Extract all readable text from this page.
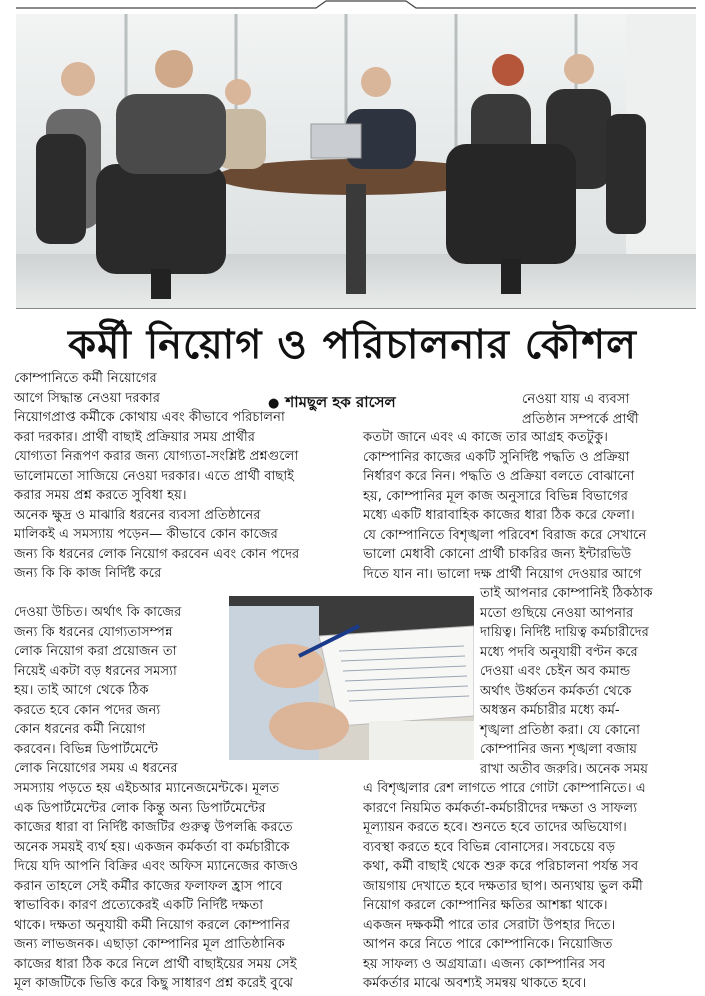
কর্মী নিয়োগ ও পরিচালনার কৌশল
● শামছুল হক রাসেল

কোম্পানিতে কর্মী নিয়োগের

আগে সিদ্ধান্ত নেওয়া দরকার

নিয়োগপ্রাপ্ত কর্মীকে কোথায় এবং কীভাবে পরিচালনা

করা দরকার। প্রার্থী বাছাই প্রক্রিয়ার সময় প্রার্থীর

যোগ্যতা নিরূপণ করার জন্য যোগ্যতা-সংশ্লিষ্ট প্রশ্নগুলো

ভালোমতো সাজিয়ে নেওয়া দরকার। এতে প্রার্থী বাছাই

করার সময় প্রশ্ন করতে সুবিধা হয়।

অনেক ক্ষুদ্র ও মাঝারি ধরনের ব্যবসা প্রতিষ্ঠানের

মালিকই এ সমস্যায় পড়েন— কীভাবে কোন কাজের

জন্য কি ধরনের লোক নিয়োগ করবেন এবং কোন পদের

জন্য কি কি কাজ নির্দিষ্ট করে

দেওয়া উচিত। অর্থাৎ কি কাজের

জন্য কি ধরনের যোগ্যতাসম্পন্ন

লোক নিয়োগ করা প্রয়োজন তা

নিয়েই একটা বড় ধরনের সমস্যা

হয়। তাই আগে থেকে ঠিক

করতে হবে কোন পদের জন্য

কোন ধরনের কর্মী নিয়োগ

করবেন। বিভিন্ন ডিপার্টমেন্টে

লোক নিয়োগের সময় এ ধরনের

সমস্যায় পড়তে হয় এইচআর ম্যানেজমেন্টকে। মূলত

এক ডিপার্টমেন্টের লোক কিন্তু অন্য ডিপার্টমেন্টের

কাজের ধারা বা নির্দিষ্ট কাজটির গুরুত্ব উপলব্ধি করতে

অনেক সময়ই ব্যর্থ হয়। একজন কর্মকর্তা বা কর্মচারীকে

দিয়ে যদি আপনি বিক্রির এবং অফিস ম্যানেজের কাজও

করান তাহলে সেই কর্মীর কাজের ফলাফল হ্রাস পাবে

স্বাভাবিক। কারণ প্রত্যেকেরই একটি নির্দিষ্ট দক্ষতা

থাকে। দক্ষতা অনুযায়ী কর্মী নিয়োগ করলে কোম্পানির

জন্য লাভজনক। এছাড়া কোম্পানির মূল প্রাতিষ্ঠানিক

কাজের ধারা ঠিক করে নিলে প্রার্থী বাছাইয়ের সময় সেই

মূল কাজটিকে ভিত্তি করে কিছু সাধারণ প্রশ্ন করেই বুঝে

নেওয়া যায় এ ব্যবসা

প্রতিষ্ঠান সম্পর্কে প্রার্থী

কতটা জানে এবং এ কাজে তার আগ্রহ কতটুকু।

কোম্পানির কাজের একটি সুনির্দিষ্ট পদ্ধতি ও প্রক্রিয়া

নির্ধারণ করে নিন। পদ্ধতি ও প্রক্রিয়া বলতে বোঝানো

হয়, কোম্পানির মূল কাজ অনুসারে বিভিন্ন বিভাগের

মধ্যে একটি ধারাবাহিক কাজের ধারা ঠিক করে ফেলা।

যে কোম্পানিতে বিশৃঙ্খলা পরিবেশ বিরাজ করে সেখানে

ভালো মেধাবী কোনো প্রার্থী চাকরির জন্য ইন্টারভিউ

দিতে যান না। ভালো দক্ষ প্রার্থী নিয়োগ দেওয়ার আগে

তাই আপনার কোম্পানিই ঠিকঠাক

মতো গুছিয়ে নেওয়া আপনার

দায়িত্ব। নির্দিষ্ট দায়িত্ব কর্মচারীদের

মধ্যে পদবি অনুযায়ী বণ্টন করে

দেওয়া এবং চেইন অব কমান্ড

অর্থাৎ উর্ধ্বতন কর্মকর্তা থেকে

অধস্তন কর্মচারীর মধ্যে কর্ম-

শৃঙ্খলা প্রতিষ্ঠা করা। যে কোনো

কোম্পানির জন্য শৃঙ্খলা বজায়

রাখা অতীব জরুরি। অনেক সময়

এ বিশৃঙ্খলার রেশ লাগতে পারে গোটা কোম্পানিতে। এ

কারণে নিয়মিত কর্মকর্তা-কর্মচারীদের দক্ষতা ও সাফল্য

মূল্যায়ন করতে হবে। শুনতে হবে তাদের অভিযোগ।

ব্যবস্থা করতে হবে বিভিন্ন বোনাসের। সবচেয়ে বড়

কথা, কর্মী বাছাই থেকে শুরু করে পরিচালনা পর্যন্ত সব

জায়গায় দেখাতে হবে দক্ষতার ছাপ। অন্যথায় ভুল কর্মী

নিয়োগ করলে কোম্পানির ক্ষতির আশঙ্কা থাকে।

একজন দক্ষকর্মী পারে তার সেরাটা উপহার দিতে।

আপন করে নিতে পারে কোম্পানিকে। নিয়োজিত

হয় সাফল্য ও অগ্রযাত্রা। এজন্য কোম্পানির সব

কর্মকর্তার মাঝে অবশ্যই সমন্বয় থাকতে হবে।
